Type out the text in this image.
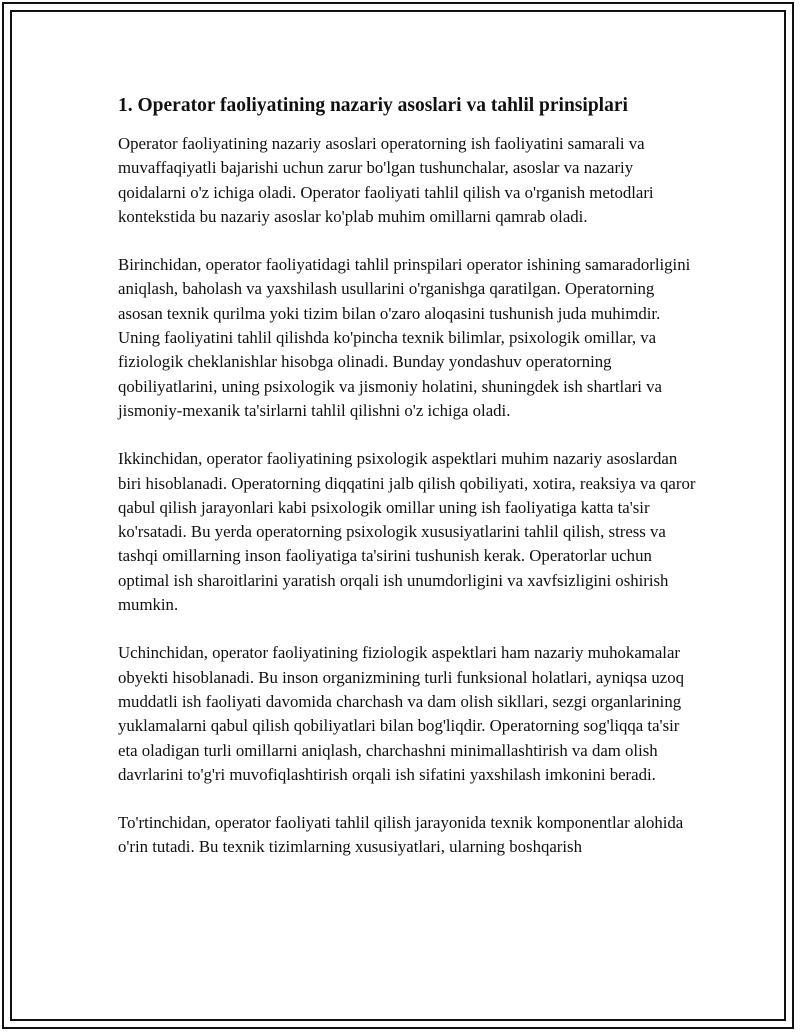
1. Operator faoliyatining nazariy asoslari va tahlil prinsiplari

Operator faoliyatining nazariy asoslari operatorning ish faoliyatini samarali va muvaffaqiyatli bajarishi uchun zarur bo'lgan tushunchalar, asoslar va nazariy qoidalarni o'z ichiga oladi. Operator faoliyati tahlil qilish va o'rganish metodlari kontekstida bu nazariy asoslar ko'plab muhim omillarni qamrab oladi.

Birinchidan, operator faoliyatidagi tahlil prinspilari operator ishining samaradorligini aniqlash, baholash va yaxshilash usullarini o'rganishga qaratilgan. Operatorning asosan texnik qurilma yoki tizim bilan o'zaro aloqasini tushunish juda muhimdir. Uning faoliyatini tahlil qilishda ko'pincha texnik bilimlar, psixologik omillar, va fiziologik cheklanishlar hisobga olinadi. Bunday yondashuv operatorning qobiliyatlarini, uning psixologik va jismoniy holatini, shuningdek ish shartlari va jismoniy-mexanik ta'sirlarni tahlil qilishni o'z ichiga oladi.

Ikkinchidan, operator faoliyatining psixologik aspektlari muhim nazariy asoslardan biri hisoblanadi. Operatorning diqqatini jalb qilish qobiliyati, xotira, reaksiya va qaror qabul qilish jarayonlari kabi psixologik omillar uning ish faoliyatiga katta ta'sir ko'rsatadi. Bu yerda operatorning psixologik xususiyatlarini tahlil qilish, stress va tashqi omillarning inson faoliyatiga ta'sirini tushunish kerak. Operatorlar uchun optimal ish sharoitlarini yaratish orqali ish unumdorligini va xavfsizligini oshirish mumkin.

Uchinchidan, operator faoliyatining fiziologik aspektlari ham nazariy muhokamalar obyekti hisoblanadi. Bu inson organizmining turli funksional holatlari, ayniqsa uzoq muddatli ish faoliyati davomida charchash va dam olish sikllari, sezgi organlarining yuklamalarni qabul qilish qobiliyatlari bilan bog'liqdir. Operatorning sog'liqqa ta'sir eta oladigan turli omillarni aniqlash, charchashni minimallashtirish va dam olish davrlarini to'g'ri muvofiqlashtirish orqali ish sifatini yaxshilash imkonini beradi.

To'rtinchidan, operator faoliyati tahlil qilish jarayonida texnik komponentlar alohida o'rin tutadi. Bu texnik tizimlarning xususiyatlari, ularning boshqarish
